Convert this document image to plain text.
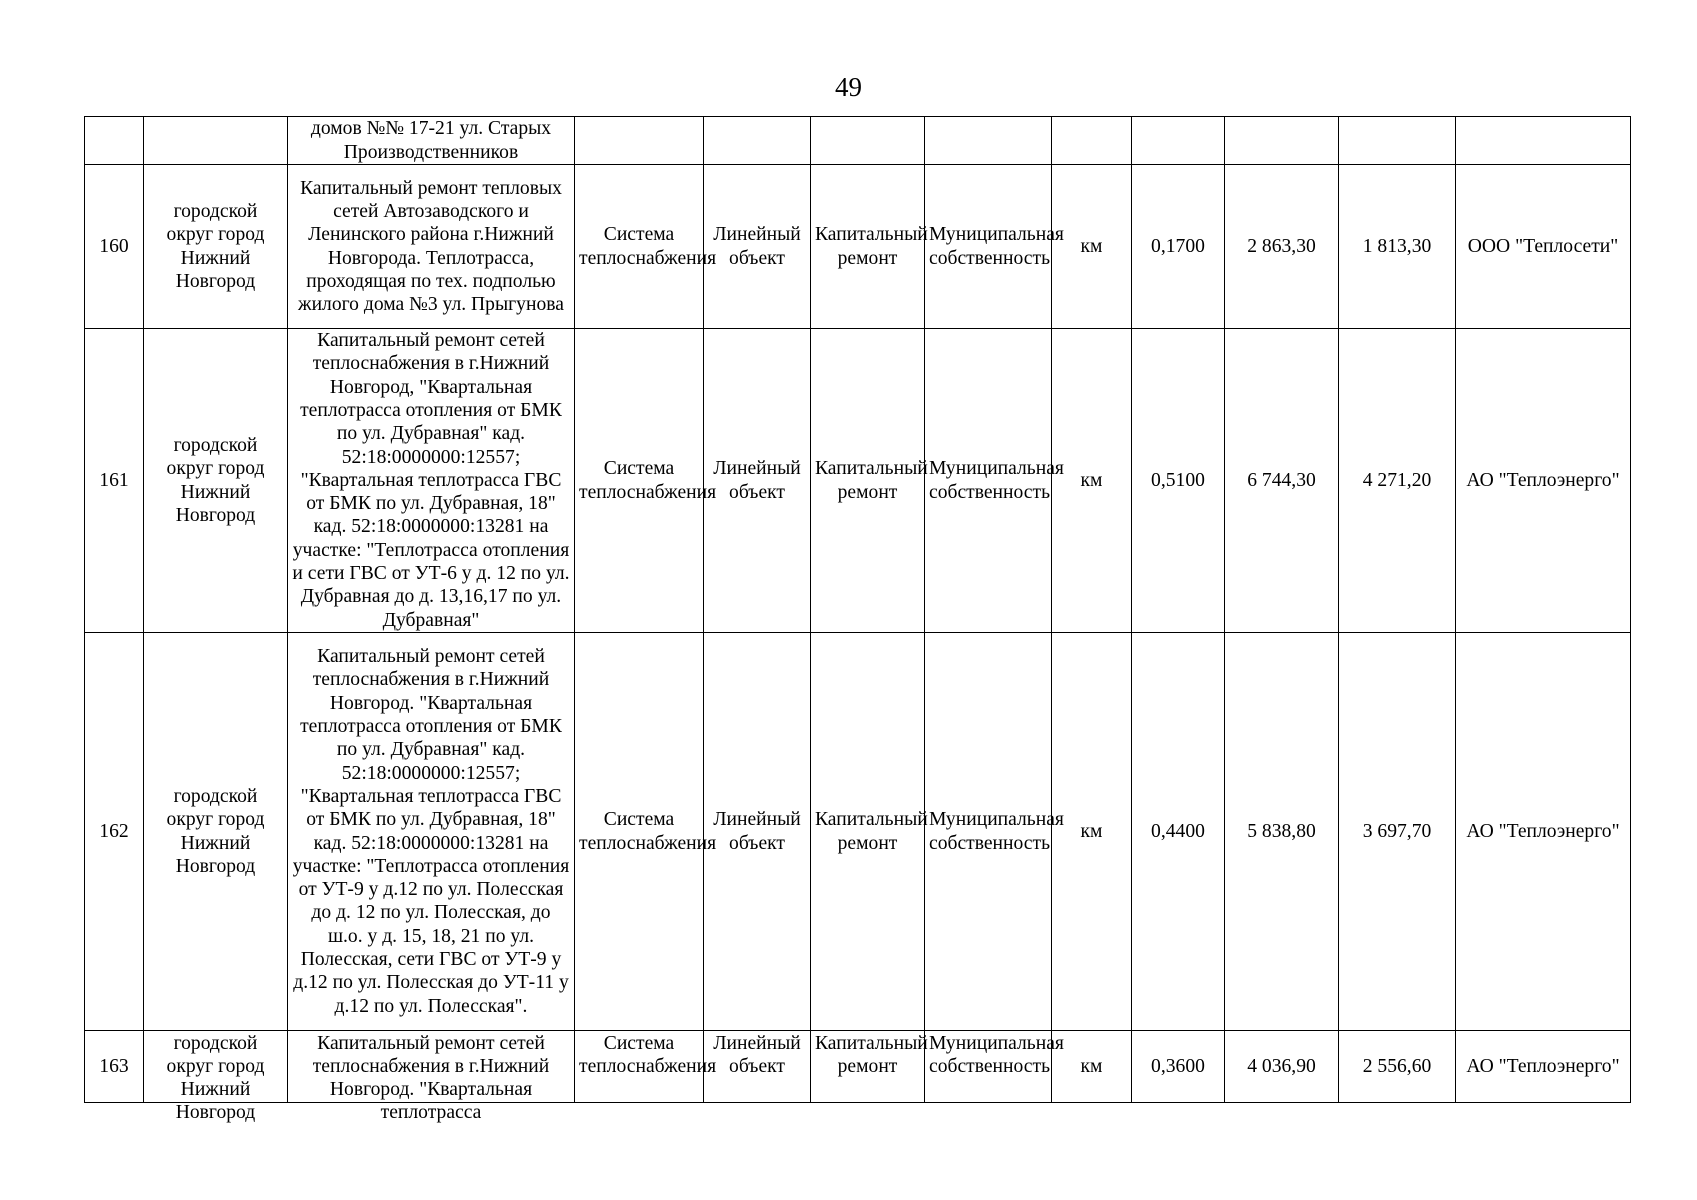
49
		домов №№ 17-21 ул. Старых Производственников									
160	городской округ город Нижний Новгород	Капитальный ремонт тепловых сетей Автозаводского и Ленинского района г.Нижний Новгорода. Теплотрасса, проходящая по тех. подполью жилого дома №3 ул. Прыгунова	Система теплоснабжения	Линейный объект	Капитальный ремонт	Муниципальная собственность	км	0,1700	2 863,30	1 813,30	ООО "Теплосети"
161	городской округ город Нижний Новгород	Капитальный ремонт сетей теплоснабжения в г.Нижний Новгород, "Квартальная теплотрасса отопления от БМК по ул. Дубравная" кад. 52:18:0000000:12557; "Квартальная теплотрасса ГВС от БМК по ул. Дубравная, 18" кад. 52:18:0000000:13281 на участке: "Теплотрасса отопления и сети ГВС от УТ-6 у д. 12 по ул. Дубравная до д. 13,16,17 по ул. Дубравная"	Система теплоснабжения	Линейный объект	Капитальный ремонт	Муниципальная собственность	км	0,5100	6 744,30	4 271,20	АО "Теплоэнерго"
162	городской округ город Нижний Новгород	Капитальный ремонт сетей теплоснабжения в г.Нижний Новгород. "Квартальная теплотрасса отопления от БМК по ул. Дубравная" кад. 52:18:0000000:12557; "Квартальная теплотрасса ГВС от БМК по ул. Дубравная, 18" кад. 52:18:0000000:13281 на участке: "Теплотрасса отопления от УТ-9 у д.12 по ул. Полесская до д. 12 по ул. Полесская, до ш.о. у д. 15, 18, 21 по ул. Полесская, сети ГВС от УТ-9 у д.12 по ул. Полесская до УТ-11 у д.12 по ул. Полесская".	Система теплоснабжения	Линейный объект	Капитальный ремонт	Муниципальная собственность	км	0,4400	5 838,80	3 697,70	АО "Теплоэнерго"
163	городской округ город Нижний Новгород	Капитальный ремонт сетей теплоснабжения в г.Нижний Новгород. "Квартальная теплотрасса	Система теплоснабжения	Линейный объект	Капитальный ремонт	Муниципальная собственность	км	0,3600	4 036,90	2 556,60	АО "Теплоэнерго"
